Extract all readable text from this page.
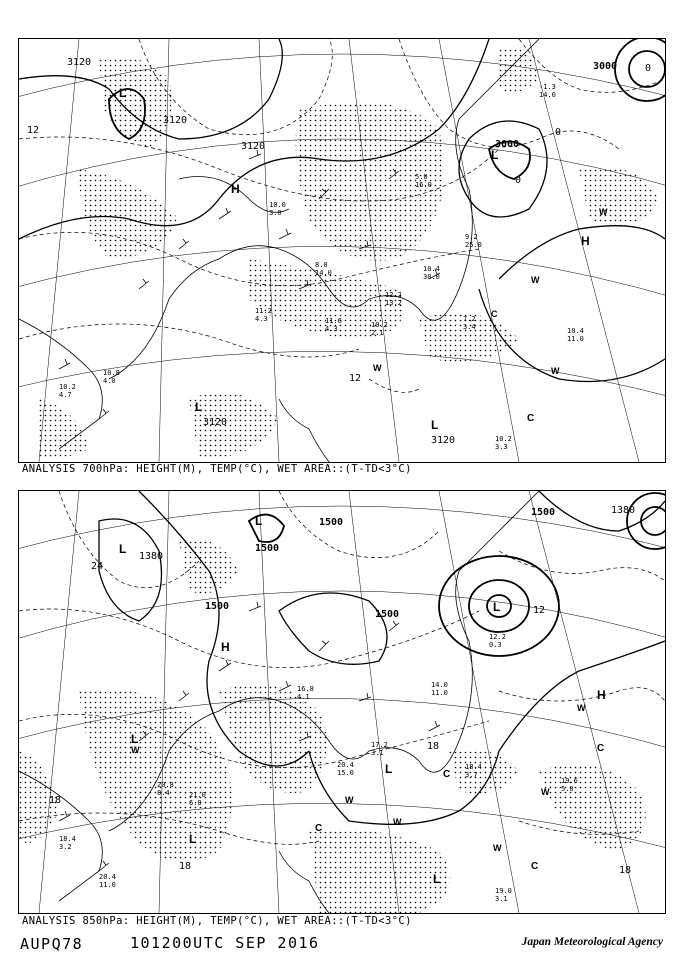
H
H
L
L
L
L
W
W
W
W
C
C
3120
3120
3120
3120
3120
3000
3000
12
12
0
0
0
10.8
4.0
10.2
4.7
10.4
11.0
10.2
3.3
7.2
3.4
9.2
25.0
10.4
30.0
12.2
13.2
8.0
14.0
11.2
4.3	11.6
4.3	10.2
2.1
-1.3
14.0
5.0
16.0
10.0
3.0
ANALYSIS 700hPa: HEIGHT(M), TEMP(°C), WET AREA::(T-TD<3°C)
H
H
L
L
L
L
L
L
L
W
W
W
W
W
W	C
C
C
C
1500
1500
1500
1500
1500
1380
1380
24
18
18
18
18
12
19.0
3.1
19.6
5.0
18.4
3.7
20.4
15.0
21.0
6.0
20.8
8.4
14.0
11.0
17.2
3.1
20.4
11.0
18.4
3.2
16.8
4.1
12.2
0.3
ANALYSIS 850hPa: HEIGHT(M), TEMP(°C), WET AREA::(T-TD<3°C)
AUPQ78	101200UTC SEP 2016	Japan Meteorological Agency
